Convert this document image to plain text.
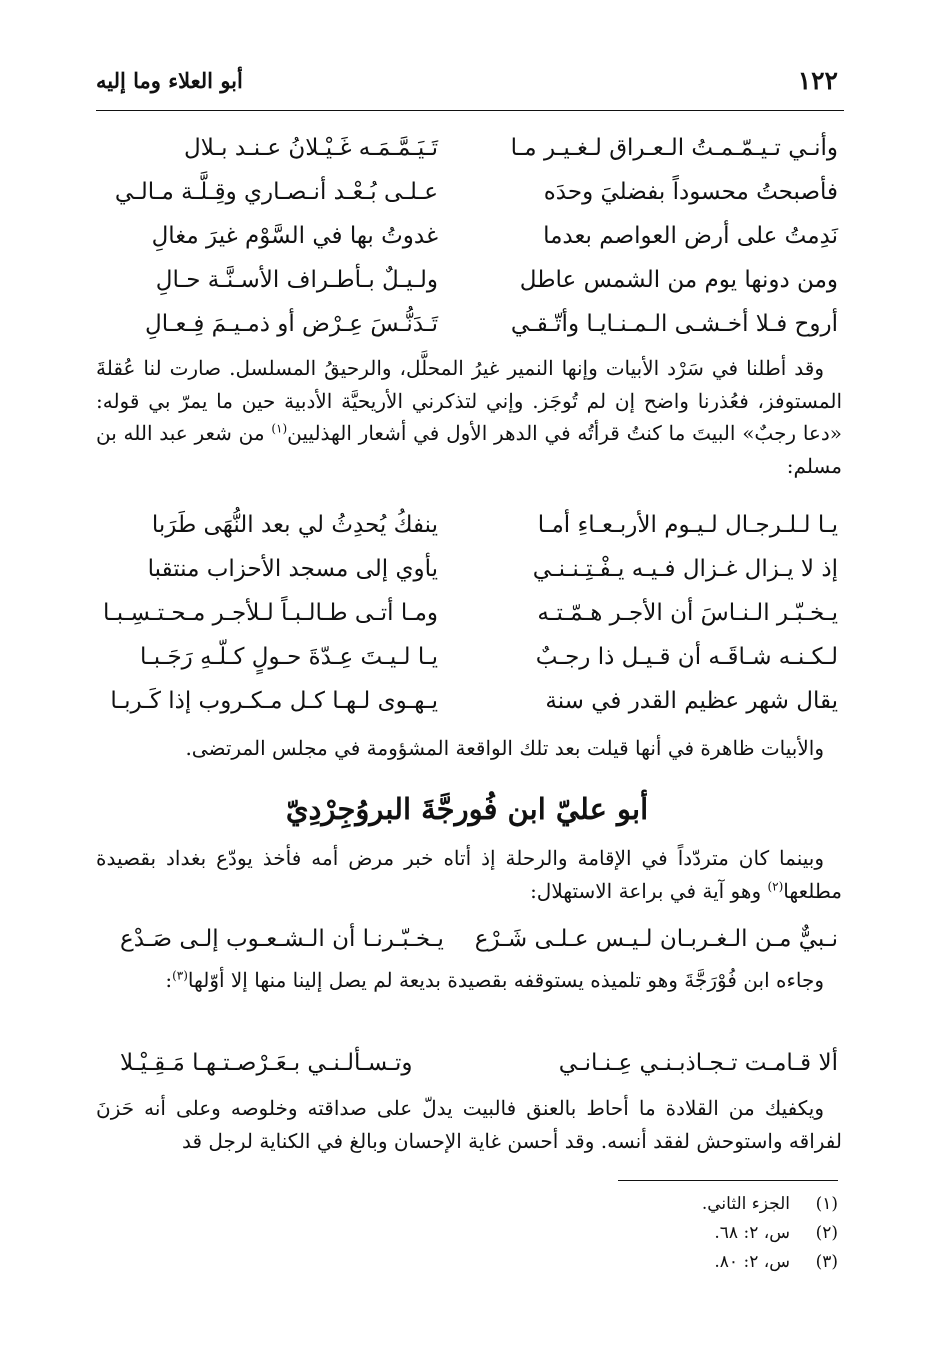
١٢٢
أبو العلاء وما إليه
وأنـي تـيـمّـمـتُ الـعـراق لـغـيـر مـا
تَـيَـمَّـمَـه غَـيْـلانُ عـنـد بـلال
فأصبحتُ محسوداً بفضليَ وحدَه
عـلـى بُـعْـد أنـصـاري وقِـلَّـة مـالـي
نَدِمتُ على أرض العواصم بعدما
غدوتُ بها في السَّوْم غيرَ مغالِ
ومن دونها يوم من الشمس عاطل
ولـيـلٌ بـأطـراف الأسـنَّـة حـالِ
أروح فـلا أخـشـى الـمـنـايـا وأتّـقـي
تَـدَنُّـسَ عِـرْض أو ذمـيـمَ فِـعـالِ

وقد أطلنا في سَرْد الأبيات وإنها النمير غيرُ المحلَّل، والرحيقُ المسلسل. صارت لنا عُقلةَ المستوفز، فعُذرنا واضح إن لم تُوجَز. وإني لتذكرني الأريحيَّة الأدبية حين ما يمرّ بي قوله: «دعا رجبٌ» البيتَ ما كنتُ قرأتُه في الدهر الأول في أشعار الهذليين$^{(١)}$ من شعر عبد الله بن مسلم:

يـا لـلـرجـال لـيـوم الأربـعـاءِ أمـا
ينفكُ يُحدِثُ لي بعد النُّهَى طَرَبا
إذ لا يـزال غـزال فـيـه يـفْـتِـنـنـي
يأوي إلى مسجد الأحزاب منتقبا
يـخـبّـر الـنـاسَ أن الأجـر هـمّـتـه
ومـا أتـى طـالـبـاً لـلأجـر مـحـتـسِـبـا
لـكـنـه شـاقَـه أن قـيـل ذا رجـبٌ
يـا لـيـتَ عِـدّةَ حـولٍ كـلّـهِ رَجَـبـا
يقال شهر عظيم القدر في سنة
يـهـوى لـهـا كـل مـكـروب إذا كَـربـا

والأبيات ظاهرة في أنها قيلت بعد تلك الواقعة المشؤومة في مجلس المرتضى.

أبو عليّ ابن فُورجَّةَ البروُجِرْدِيّ

وبينما كان متردّداً في الإقامة والرحلة إذ أتاه خبر مرض أمه فأخذ يودّع بغداد بقصيدة مطلعها$^{(٢)}$ وهو آية في براعة الاستهلال:

نـبيٌّ مـن الـغـربـان لـيـس عـلـى شَـرْع
يـخـبّـرنـا أن الـشـعـوب إلـى صَـدْع

وجاءه ابن فُوْرَجَّةَ وهو تلميذه يستوقفه بقصيدة بديعة لم يصل إلينا منها إلا أوّلها$^{(٣)}$:

ألا قـامـت تـجـاذبـنـي عِـنـانـي
وتـسـألـنـي بـعَـرْصـتـهـا مَـقِـيْـلا

ويكفيك من القلادة ما أحاط بالعنق فالبيت يدلّ على صداقته وخلوصه وعلى أنه حَزنَ لفراقه واستوحش لفقد أنسه. وقد أحسن غاية الإحسان وبالغ في الكناية لرجل قد

(١)
الجزء الثاني.
(٢)
س، ٢: ٦٨.
(٣)
س، ٢: ٨٠.
